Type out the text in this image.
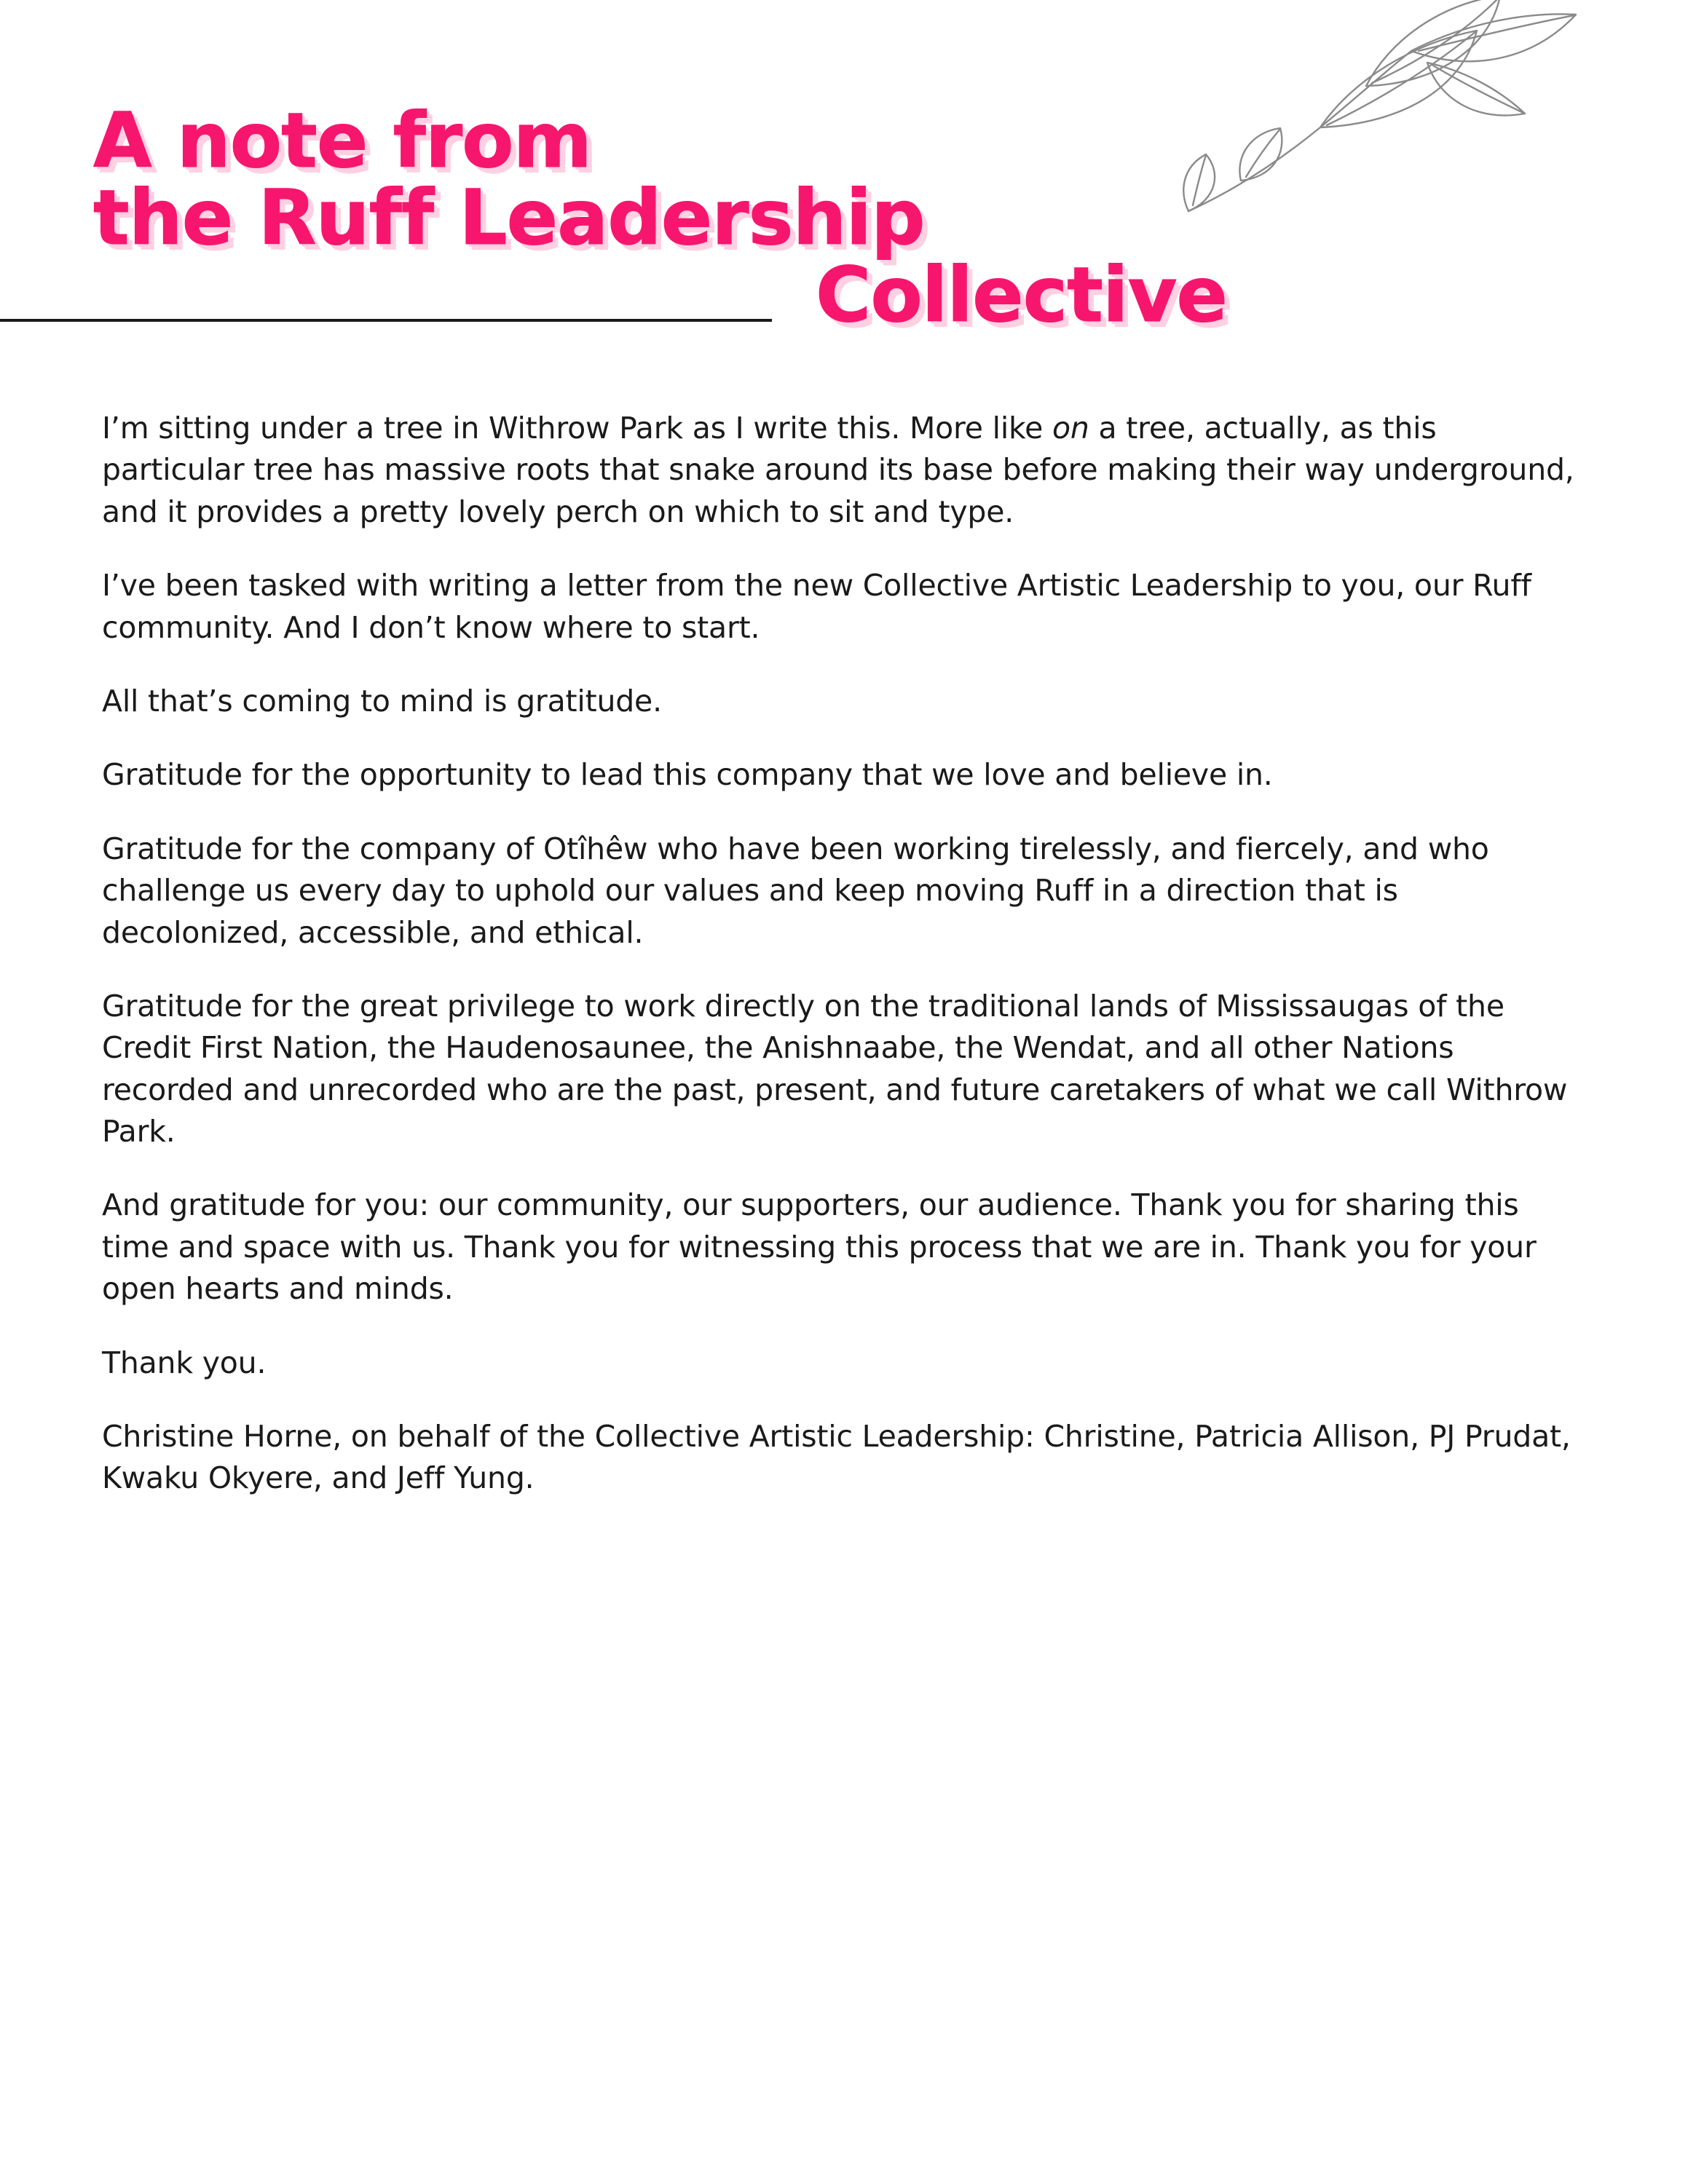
A note from
the Ruff Leadership
Collective

I’m sitting under a tree in Withrow Park as I write this. More like on a tree, actually, as this particular tree has massive roots that snake around its base before making their way underground, and it provides a pretty lovely perch on which to sit and type.

I’ve been tasked with writing a letter from the new Collective Artistic Leadership to you, our Ruff community. And I don’t know where to start.

All that’s coming to mind is gratitude.

Gratitude for the opportunity to lead this company that we love and believe in.

Gratitude for the company of Otîhêw who have been working tirelessly, and fiercely, and who challenge us every day to uphold our values and keep moving Ruff in a direction that is decolonized, accessible, and ethical.

Gratitude for the great privilege to work directly on the traditional lands of Mississaugas of the Credit First Nation, the Haudenosaunee, the Anishnaabe, the Wendat, and all other Nations recorded and unrecorded who are the past, present, and future caretakers of what we call Withrow Park.

And gratitude for you: our community, our supporters, our audience. Thank you for sharing this time and space with us. Thank you for witnessing this process that we are in. Thank you for your open hearts and minds.

Thank you.

Christine Horne, on behalf of the Collective Artistic Leadership: Christine, Patricia Allison, PJ Prudat, Kwaku Okyere, and Jeff Yung.
